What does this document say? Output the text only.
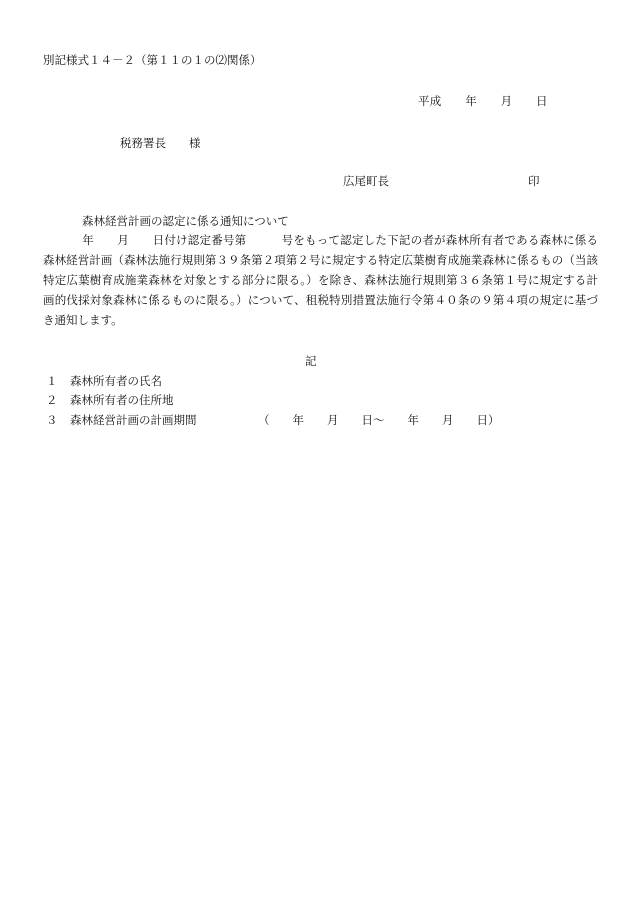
別記様式１４－２（第１１の１の⑵関係）
平成　　年　　月　　日
税務署長　　様
広尾町長	印
森林経営計画の認定に係る通知について
年　　月　　日付け認定番号第　　　号をもって認定した下記の者が森林所有者である森林に係る森林経営計画（森林法施行規則第３９条第２項第２号に規定する特定広葉樹育成施業森林に係るもの（当該特定広葉樹育成施業森林を対象とする部分に限る。）を除き、森林法施行規則第３６条第１号に規定する計画的伐採対象森林に係るものに限る。）について、租税特別措置法施行令第４０条の９第４項の規定に基づき通知します。
記
１ 森林所有者の氏名
２ 森林所有者の住所地
３ 森林経営計画の計画期間	（　　年　　月　　日～　　年　　月　　日）
